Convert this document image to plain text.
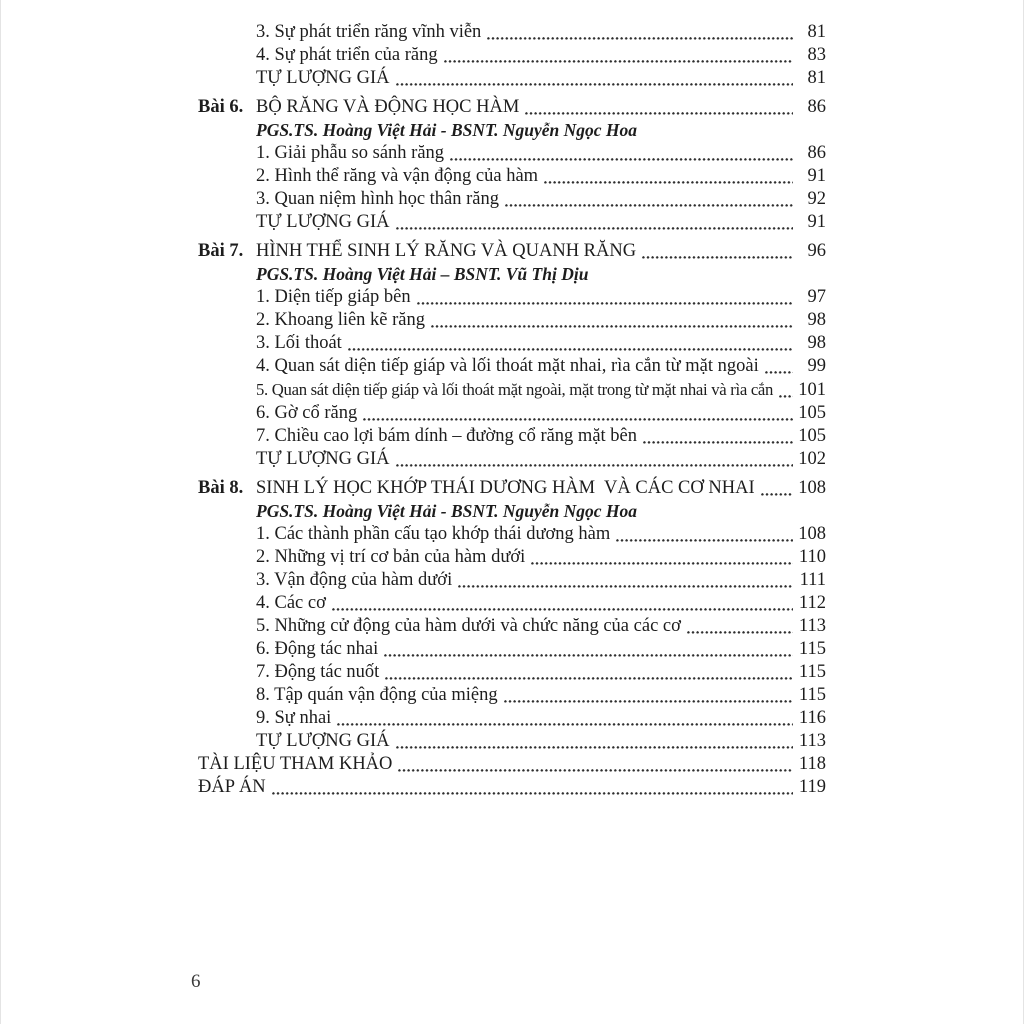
3. Sự phát triển răng vĩnh viễn	81
4. Sự phát triển của răng	83
TỰ LƯỢNG GIÁ	81
Bài 6. BỘ RĂNG VÀ ĐỘNG HỌC HÀM	86
PGS.TS. Hoàng Việt Hải - BSNT. Nguyễn Ngọc Hoa
1. Giải phẫu so sánh răng	86
2. Hình thể răng và vận động của hàm	91
3. Quan niệm hình học thân răng	92
TỰ LƯỢNG GIÁ	91
Bài 7. HÌNH THỂ SINH LÝ RĂNG VÀ QUANH RĂNG	96
PGS.TS. Hoàng Việt Hải – BSNT. Vũ Thị Dịu
1. Diện tiếp giáp bên	97
2. Khoang liên kẽ răng	98
3. Lối thoát	98
4. Quan sát diện tiếp giáp và lối thoát mặt nhai, rìa cắn từ mặt ngoài	99
5. Quan sát diện tiếp giáp và lối thoát mặt ngoài, mặt trong từ mặt nhai và rìa cắn 101
6. Gờ cổ răng	105
7. Chiều cao lợi bám dính – đường cổ răng mặt bên	105
TỰ LƯỢNG GIÁ	102
Bài 8. SINH LÝ HỌC KHỚP THÁI DƯƠNG HÀM  VÀ CÁC CƠ NHAI 108
PGS.TS. Hoàng Việt Hải - BSNT. Nguyễn Ngọc Hoa
1. Các thành phần cấu tạo khớp thái dương hàm	108
2. Những vị trí cơ bản của hàm dưới	110
3. Vận động của hàm dưới	111
4. Các cơ	112
5. Những cử động của hàm dưới và chức năng của các cơ	113
6. Động tác nhai	115
7. Động tác nuốt	115
8. Tập quán vận động của miệng	115
9. Sự nhai	116
TỰ LƯỢNG GIÁ	113
TÀI LIỆU THAM KHẢO	118
ĐÁP ÁN	119
6
